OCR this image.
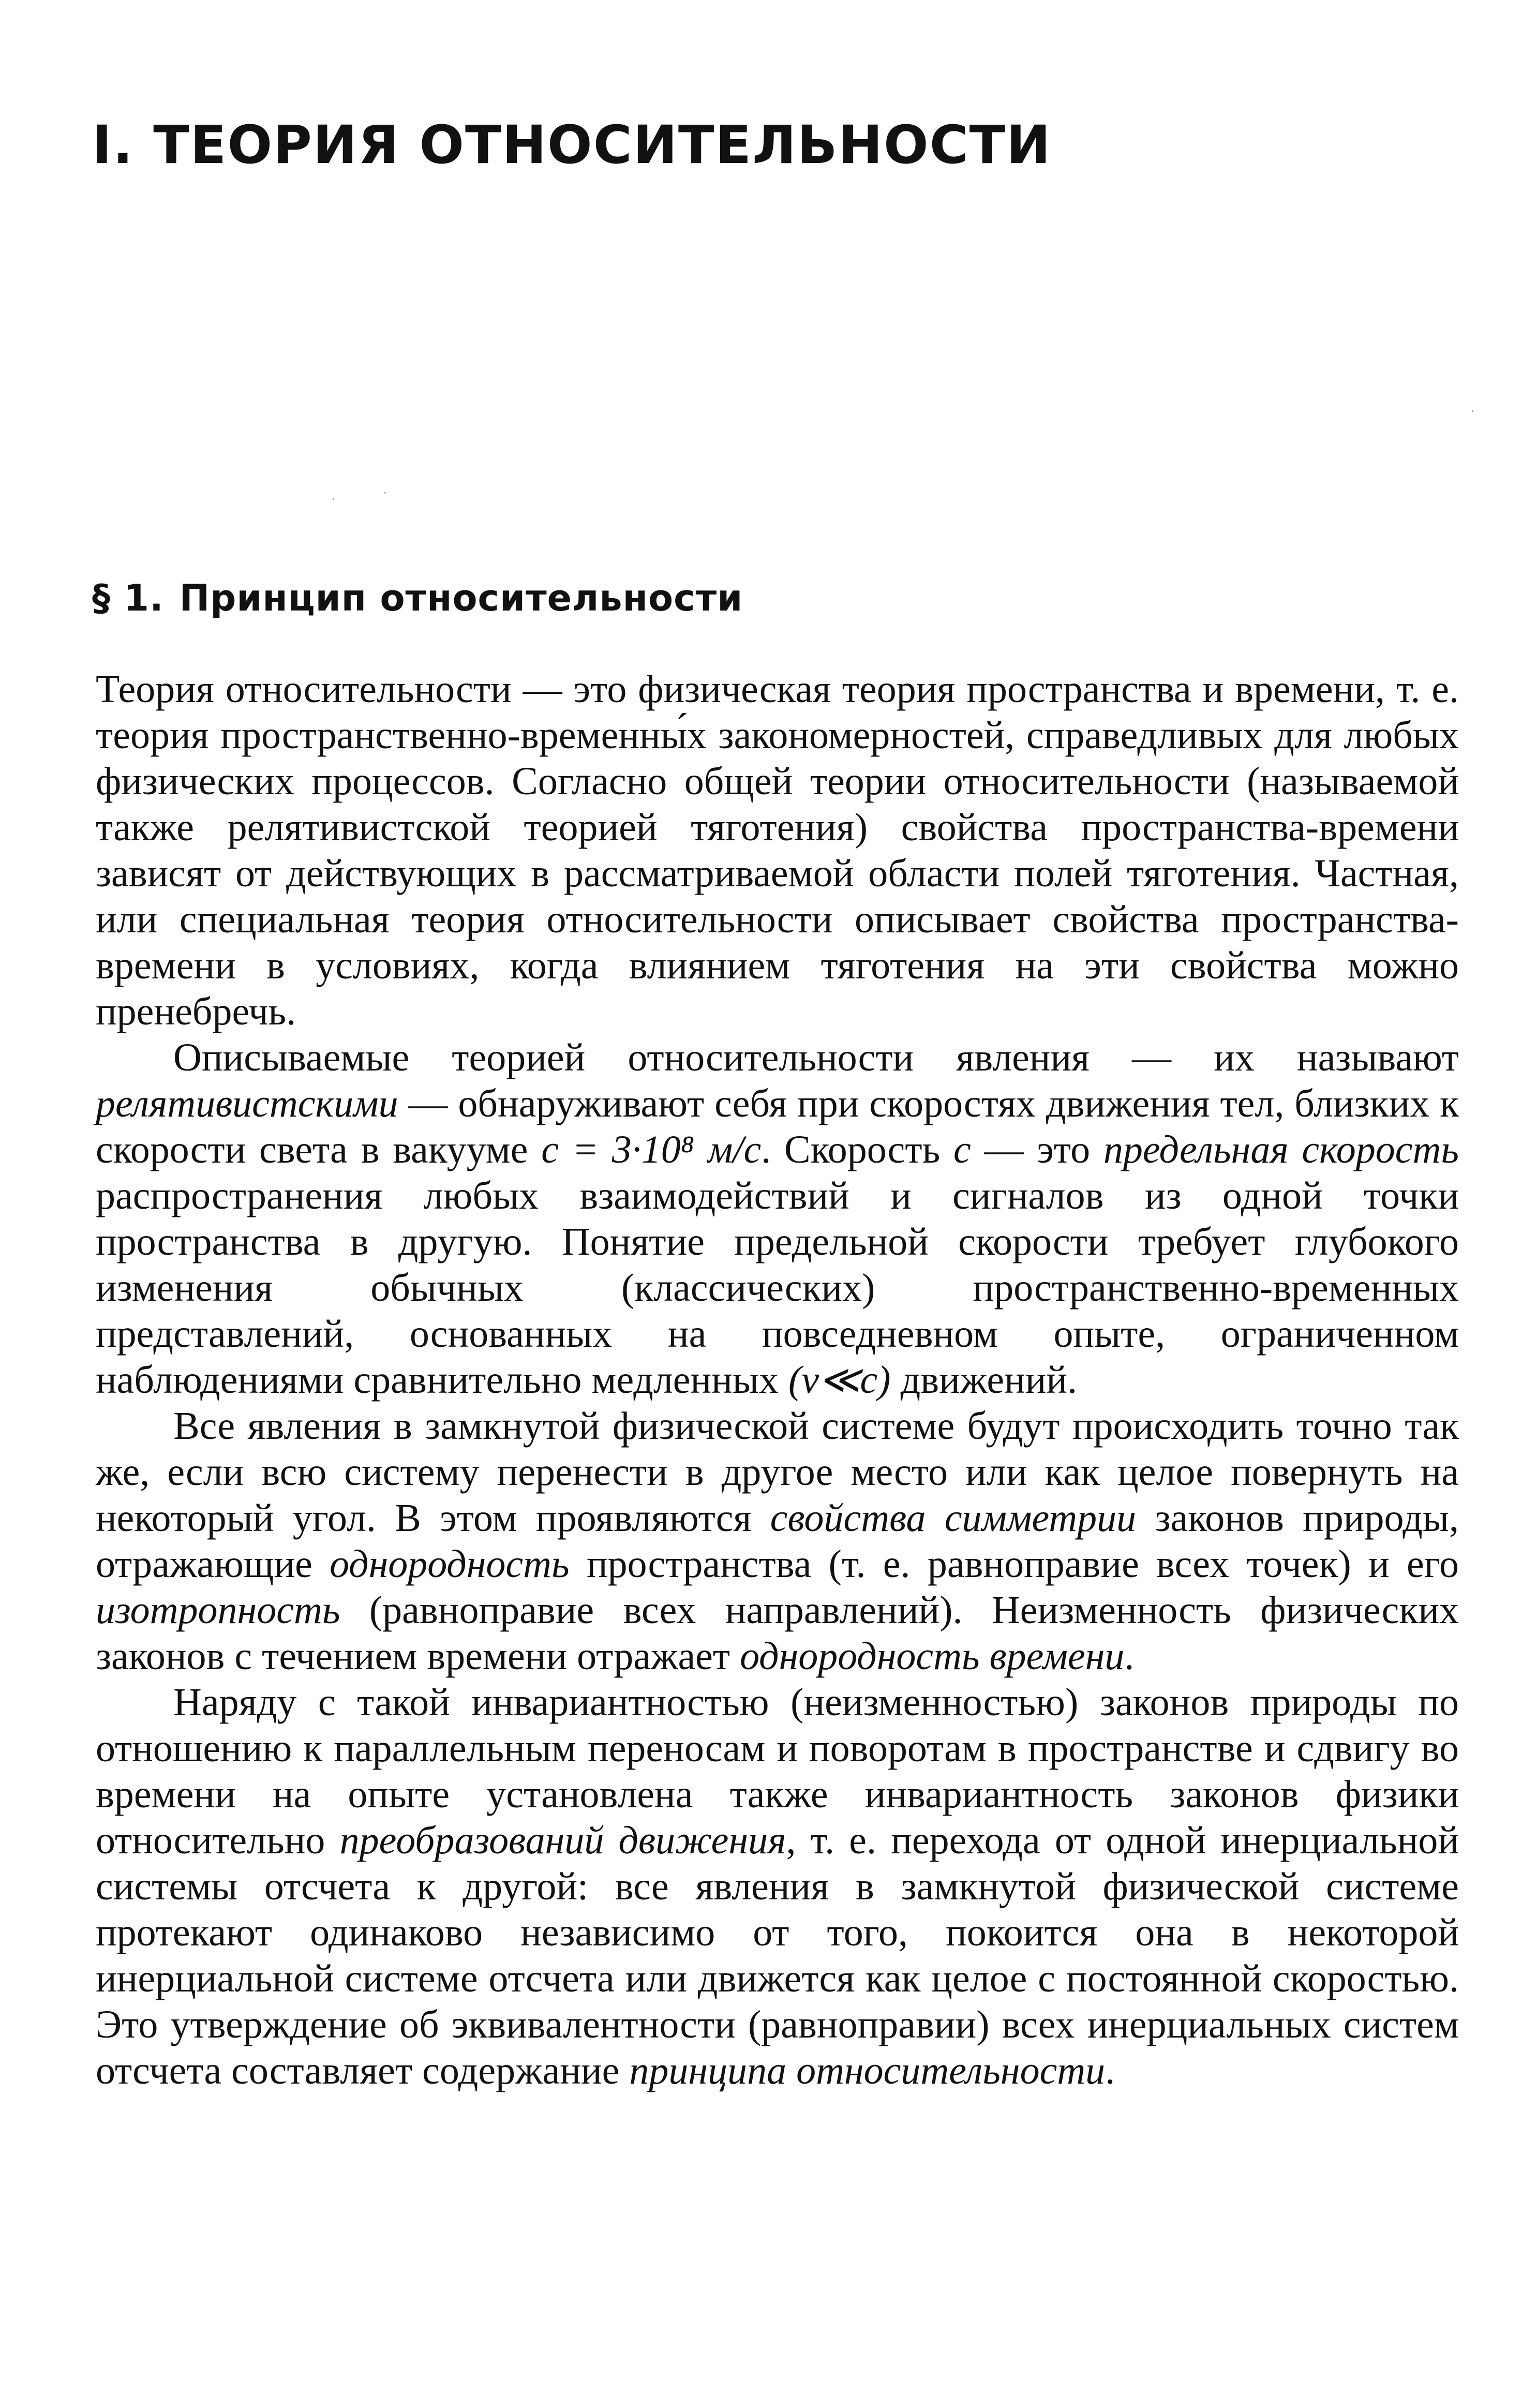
I. ТЕОРИЯ ОТНОСИТЕЛЬНОСТИ
§ 1. Принцип относительности

Теория относительности — это физическая теория пространства и времени, т. е. теория пространственно-временны́х закономерностей, справедливых для любых физических процессов. Согласно общей теории относительности (называемой также релятивистской теорией тяготения) свойства пространства-времени зависят от действующих в рассматриваемой области полей тяготения. Частная, или специальная теория относительности описывает свойства пространства-времени в условиях, когда влиянием тяготения на эти свойства можно пренебречь.

Описываемые теорией относительности явления — их называют релятивистскими — обнаруживают себя при скоростях движения тел, близких к скорости света в вакууме c = 3·10⁸ м/с. Скорость c — это предельная скорость распространения любых взаимодействий и сигналов из одной точки пространства в другую. Понятие предельной скорости требует глубокого изменения обычных (классических) пространственно-временных представлений, основанных на повседневном опыте, ограниченном наблюдениями сравнительно медленных (v≪c) движений.

Все явления в замкнутой физической системе будут происходить точно так же, если всю систему перенести в другое место или как целое повернуть на некоторый угол. В этом проявляются свойства симметрии законов природы, отражающие однородность пространства (т. е. равноправие всех точек) и его изотропность (равноправие всех направлений). Неизменность физических законов с течением времени отражает однородность времени.

Наряду с такой инвариантностью (неизменностью) законов природы по отношению к параллельным переносам и поворотам в пространстве и сдвигу во времени на опыте установлена также инвариантность законов физики относительно преобразований движения, т. е. перехода от одной инерциальной системы отсчета к другой: все явления в замкнутой физической системе протекают одинаково независимо от того, покоится она в некоторой инерциальной системе отсчета или движется как целое с постоянной скоростью. Это утверждение об эквивалентности (равноправии) всех инерциальных систем отсчета составляет содержание принципа относительности.
